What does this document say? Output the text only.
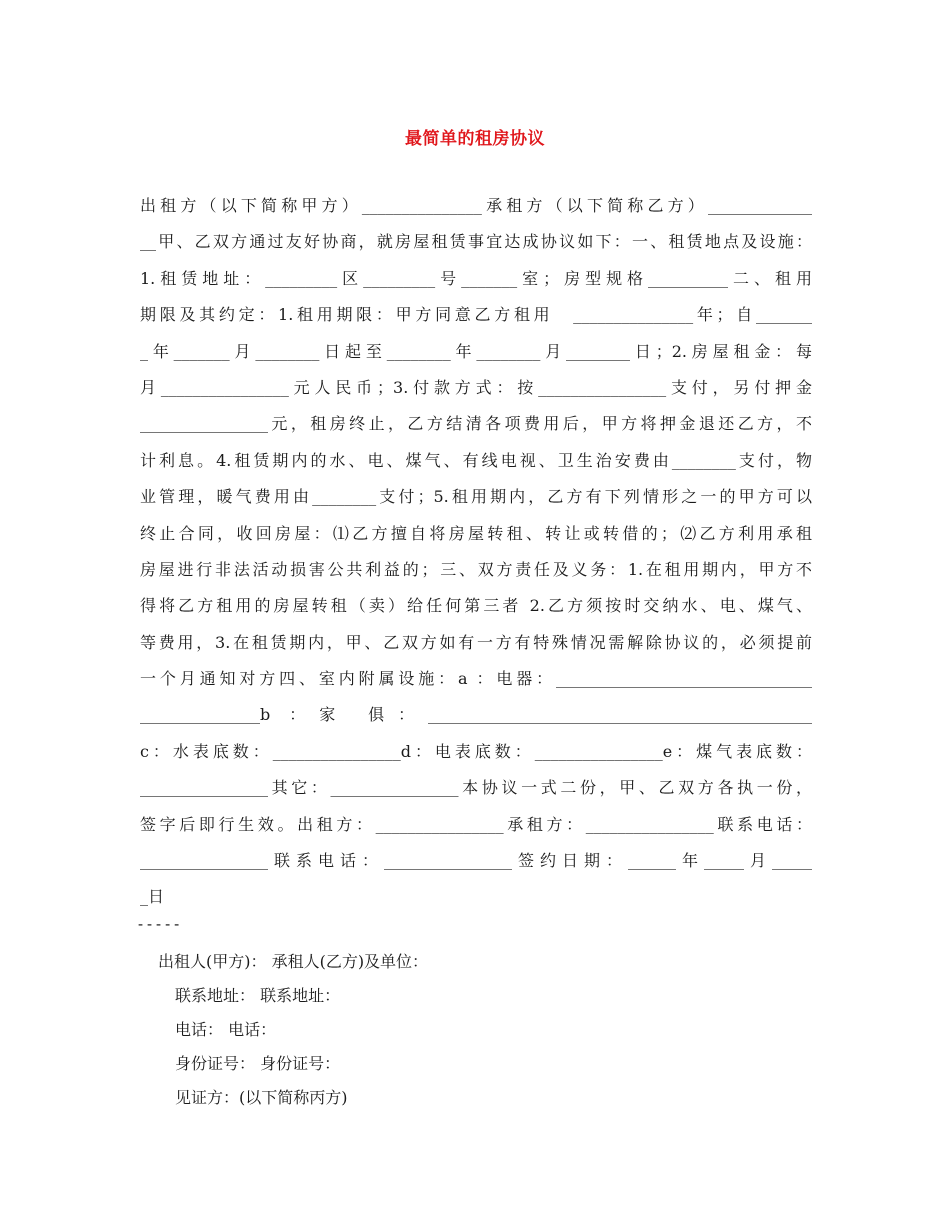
最简单的租房协议
出租方（以下简称甲方）_______________承租方（以下简称乙方）_____________
__甲、乙双方通过友好协商，就房屋租赁事宜达成协议如下：一、租赁地点及设施：
1.租赁地址：_________区_________号_______室；房型规格__________二、租用
期限及其约定：1.租用期限：甲方同意乙方租用　_______________年；自_______
_年_______月________日起至________年________月________日；2.房屋租金：每
月________________元人民币；3.付款方式：按________________支付，另付押金
________________元，租房终止，乙方结清各项费用后，甲方将押金退还乙方，不
计利息。4.租赁期内的水、电、煤气、有线电视、卫生治安费由________支付，物
业管理，暖气费用由________支付；5.租用期内，乙方有下列情形之一的甲方可以
终止合同，收回房屋：⑴乙方擅自将房屋转租、转让或转借的；⑵乙方利用承租
房屋进行非法活动损害公共利益的；三、双方责任及义务：1.在租用期内，甲方不
得将乙方租用的房屋转租（卖）给任何第三者 2.乙方须按时交纳水、电、煤气、
等费用，3.在租赁期内，甲、乙双方如有一方有特殊情况需解除协议的，必须提前
一个月通知对方四、室内附属设施：a ：电器：________________________________
_______________b ：家 俱：________________________________________________
c：水表底数：________________d：电表底数：________________e：煤气表底数：
________________其它：________________本协议一式二份，甲、乙双方各执一份，
签字后即行生效。出租方：________________承租方：________________联系电话：
________________联系电话：________________签约日期：______年_____月_____
_日
-----
出租人(甲方)： 承租人(乙方)及单位：
联系地址： 联系地址：
电话： 电话：
身份证号： 身份证号：
见证方：(以下简称丙方)
